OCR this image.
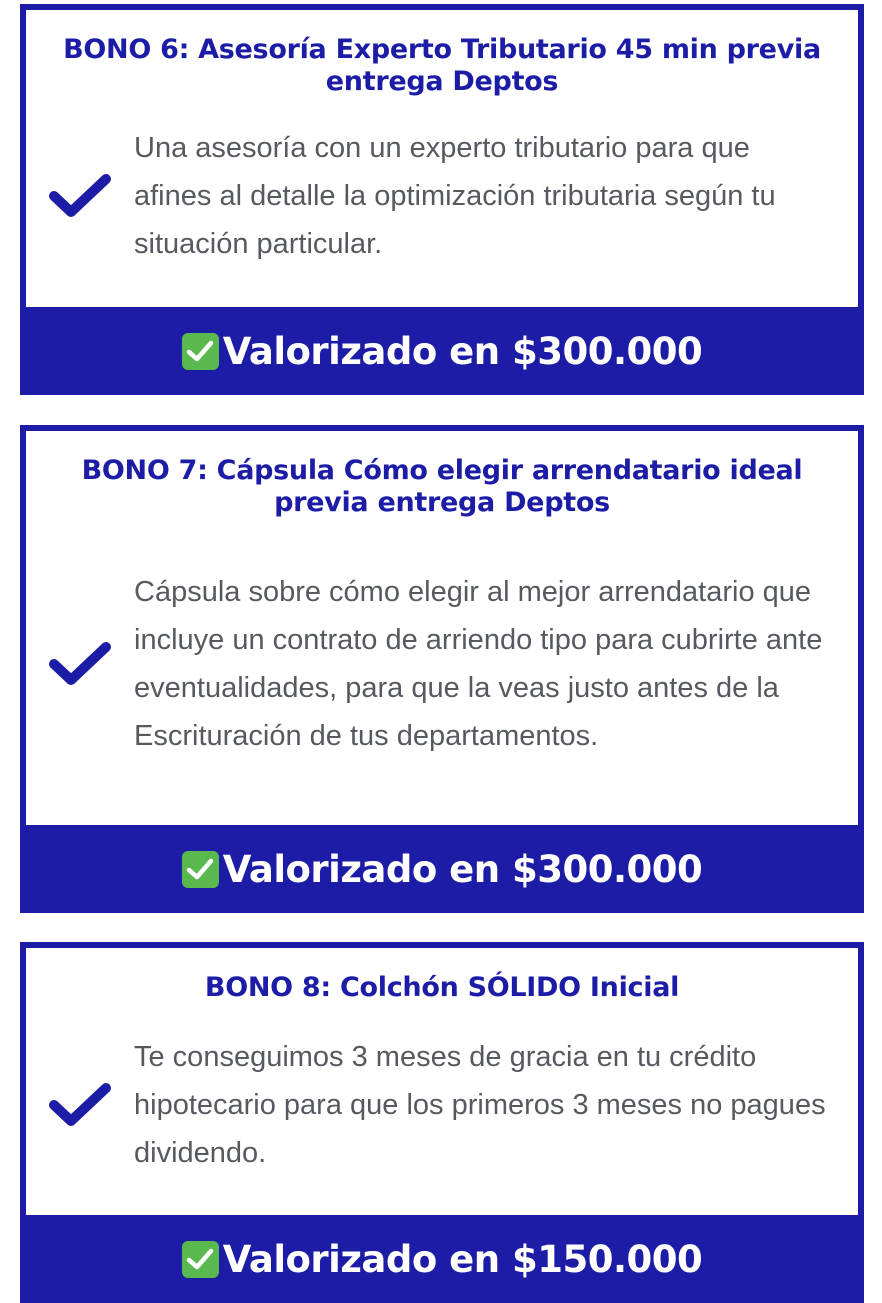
BONO 6: Asesoría Experto Tributario 45 min previa entrega Deptos
Una asesoría con un experto tributario para que afines al detalle la optimización tributaria según tu situación particular.
Valorizado en $300.000
BONO 7: Cápsula Cómo elegir arrendatario ideal previa entrega Deptos
Cápsula sobre cómo elegir al mejor arrendatario que incluye un contrato de arriendo tipo para cubrirte ante eventualidades, para que la veas justo antes de la Escrituración de tus departamentos.
Valorizado en $300.000
BONO 8: Colchón SÓLIDO Inicial
Te conseguimos 3 meses de gracia en tu crédito hipotecario para que los primeros 3 meses no pagues dividendo.
Valorizado en $150.000
